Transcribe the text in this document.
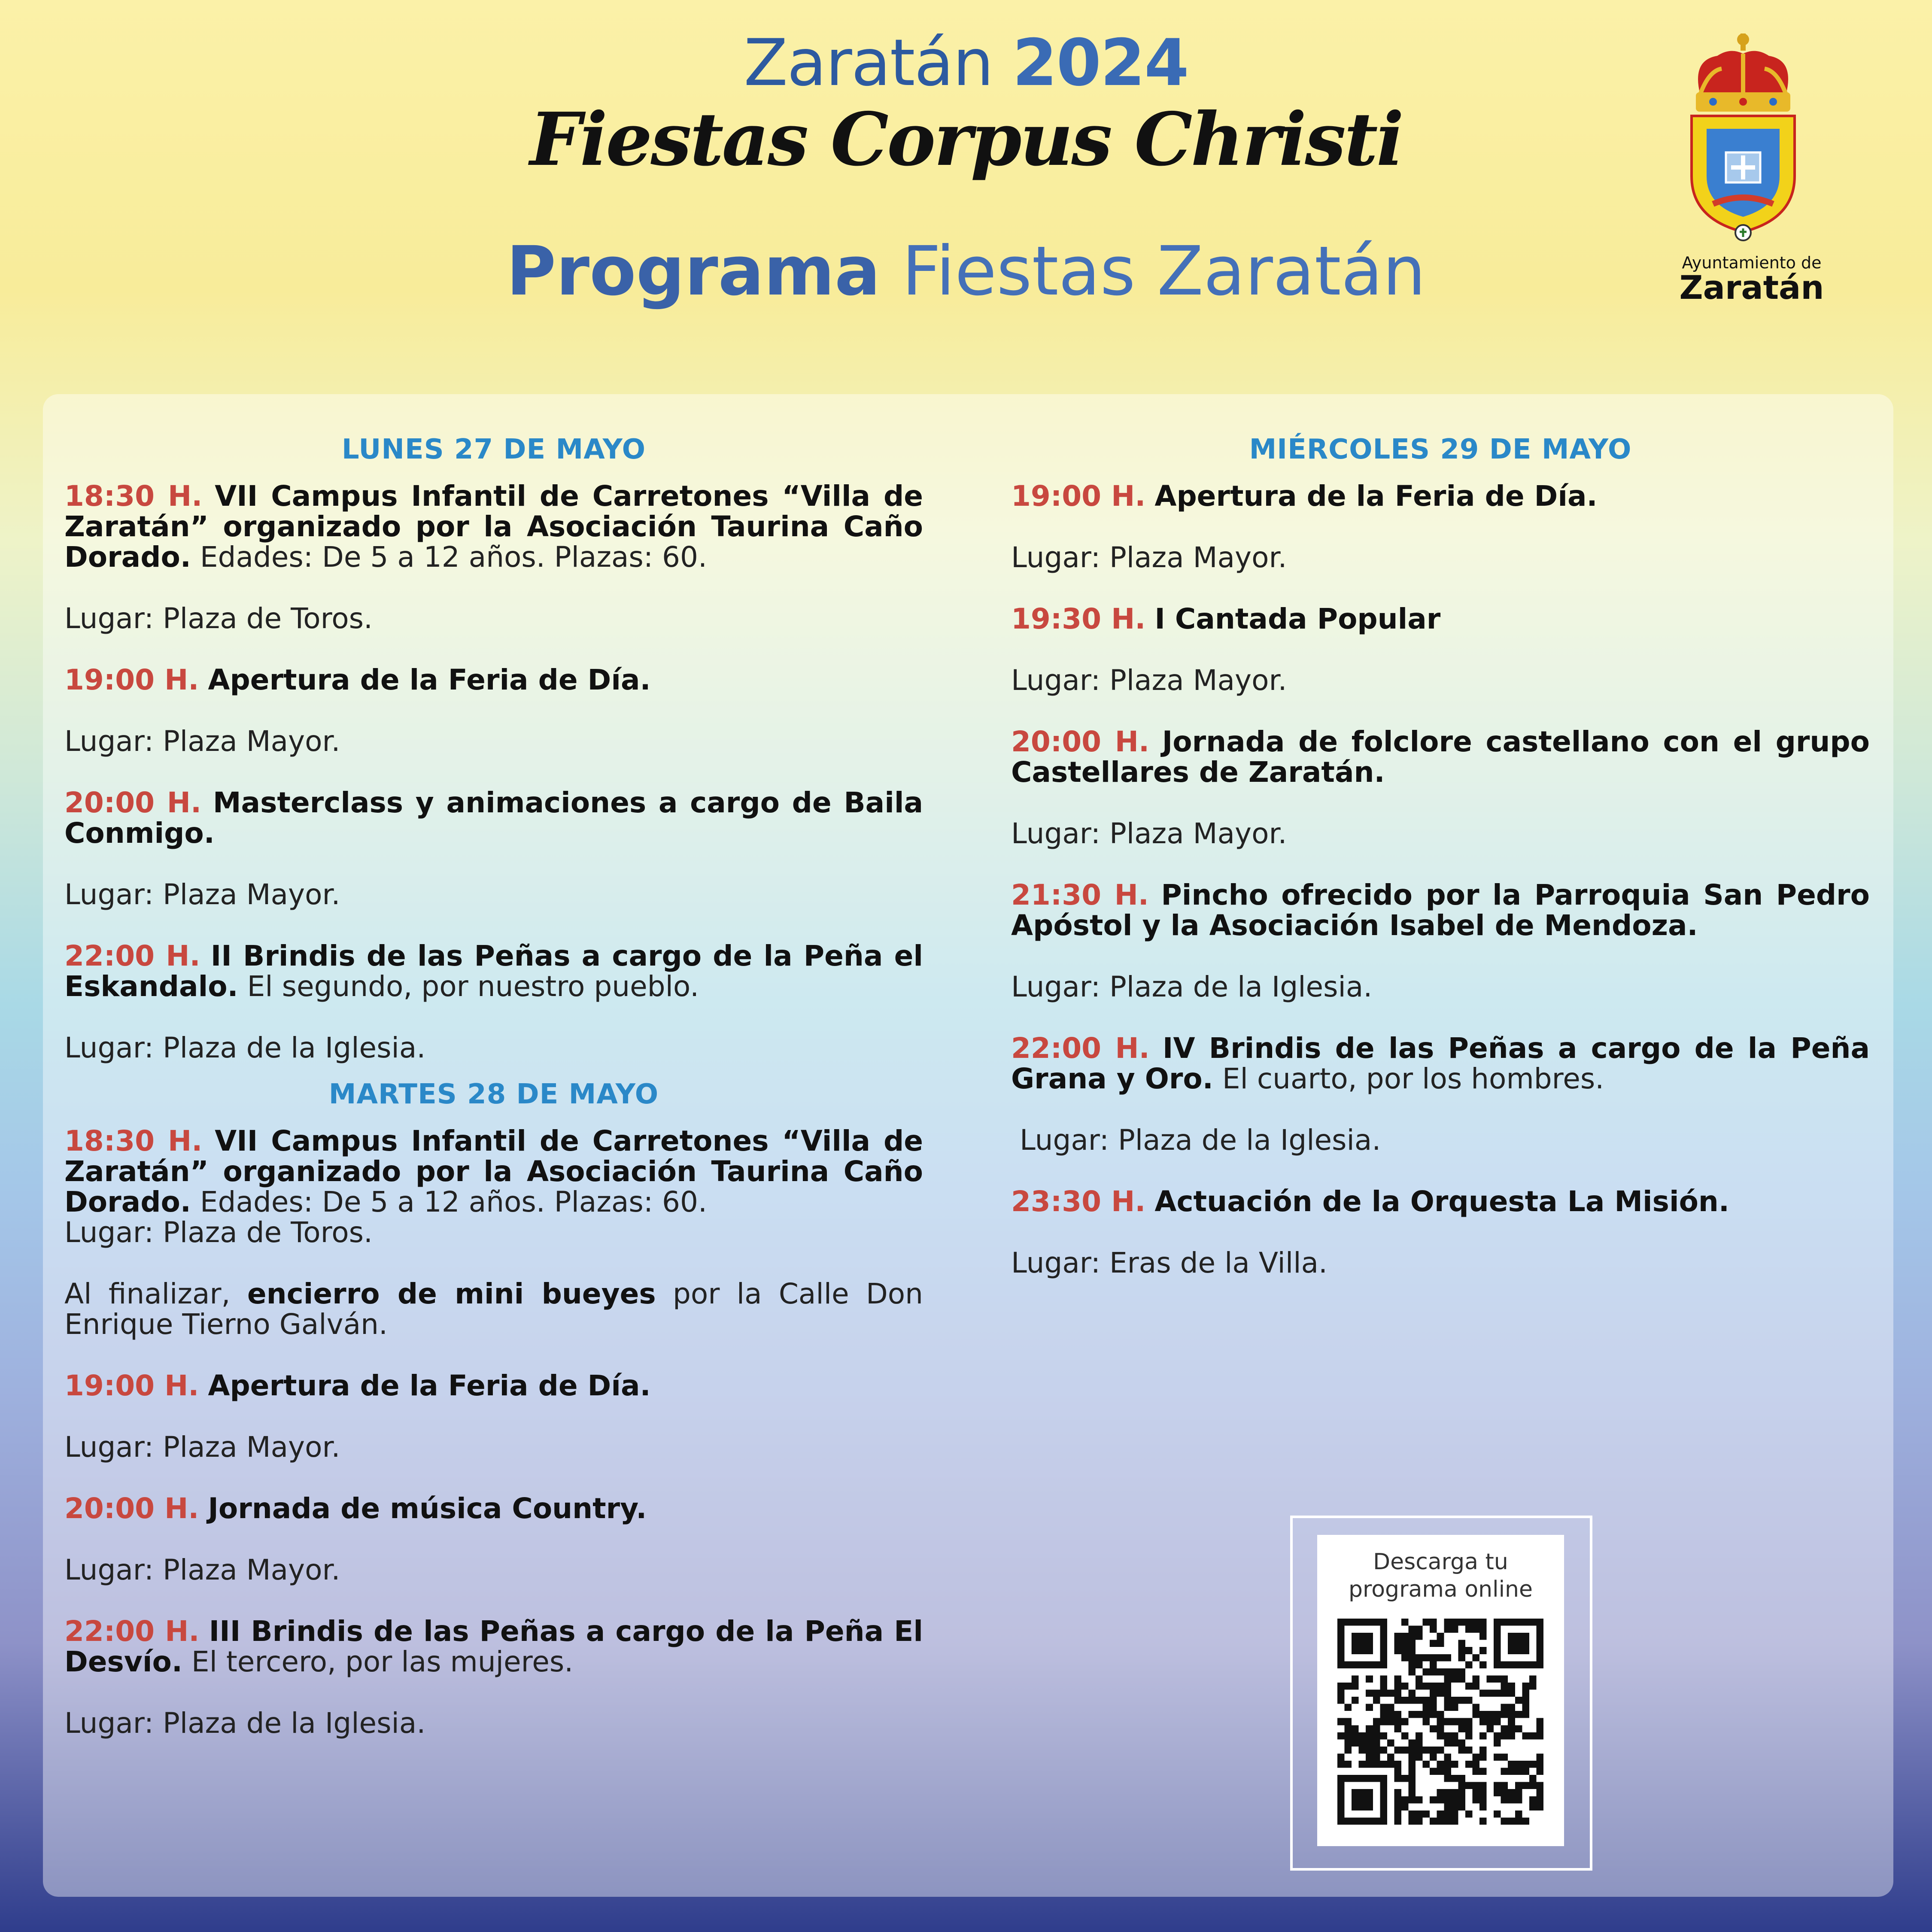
Zaratán 2024
Fiestas Corpus Christi
Programa Fiestas Zaratán	Ayuntamiento de
Zaratán
LUNES 27 DE MAYO
18:30 H. VII Campus Infantil de Carretones “Villa de Zaratán” organizado por la Asociación Taurina Caño Dorado. Edades: De 5 a 12 años. Plazas: 60.
Lugar: Plaza de Toros.
19:00 H. Apertura de la Feria de Día.
Lugar: Plaza Mayor.
20:00 H. Masterclass y animaciones a cargo de Baila Conmigo.
Lugar: Plaza Mayor.
22:00 H. II Brindis de las Peñas a cargo de la Peña el Eskandalo. El segundo, por nuestro pueblo.
Lugar: Plaza de la Iglesia.
MARTES 28 DE MAYO
18:30 H. VII Campus Infantil de Carretones “Villa de Zaratán” organizado por la Asociación Taurina Caño Dorado. Edades: De 5 a 12 años. Plazas: 60.
Lugar: Plaza de Toros.
Al finalizar, encierro de mini bueyes por la Calle Don Enrique Tierno Galván.
19:00 H. Apertura de la Feria de Día.
Lugar: Plaza Mayor.
20:00 H. Jornada de música Country.
Lugar: Plaza Mayor.
22:00 H. III Brindis de las Peñas a cargo de la Peña El Desvío. El tercero, por las mujeres.
Lugar: Plaza de la Iglesia.
MIÉRCOLES 29 DE MAYO
19:00 H. Apertura de la Feria de Día.
Lugar: Plaza Mayor.
19:30 H. I Cantada Popular
Lugar: Plaza Mayor.
20:00 H. Jornada de folclore castellano con el grupo Castellares de Zaratán.
Lugar: Plaza Mayor.
21:30 H. Pincho ofrecido por la Parroquia San Pedro Apóstol y la Asociación Isabel de Mendoza.
Lugar: Plaza de la Iglesia.
22:00 H. IV Brindis de las Peñas a cargo de la Peña Grana y Oro. El cuarto, por los hombres.
Lugar: Plaza de la Iglesia.
23:30 H. Actuación de la Orquesta La Misión.
Lugar: Eras de la Villa.
Descarga tu
programa online
